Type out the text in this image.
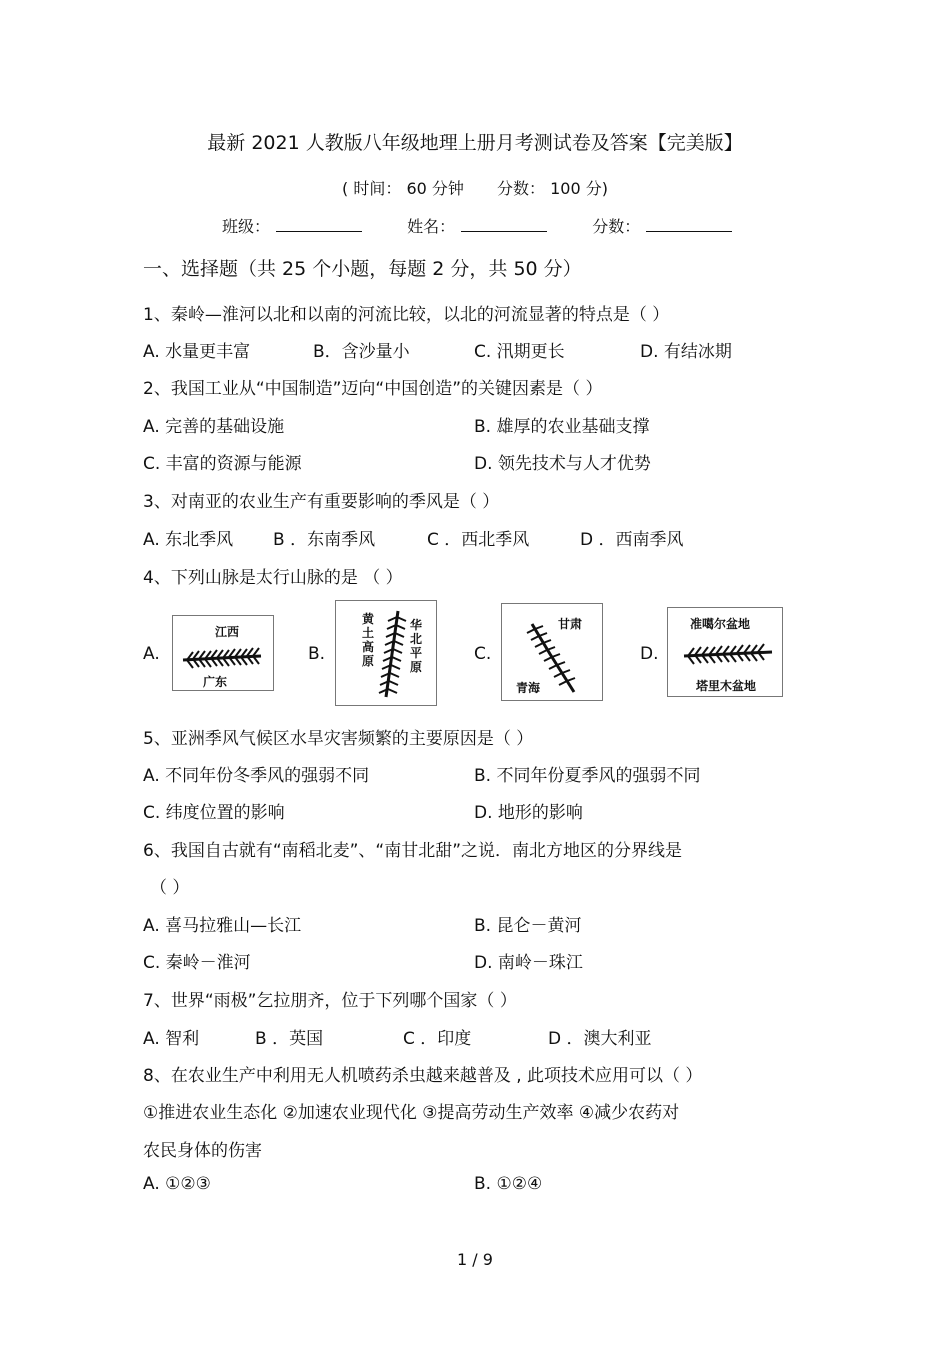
最新 2021 人教版八年级地理上册月考测试卷及答案【完美版】
( 时间： 60 分钟 分数： 100 分)
班级：	姓名：	分数：
一、选择题（共 25 个小题，每题 2 分，共 50 分）
1、秦岭—淮河以北和以南的河流比较，以北的河流显著的特点是（ ）
A. 水量更丰富	B．含沙量小	C. 汛期更长	D. 有结冰期
2、我国工业从“中国制造”迈向“中国创造”的关键因素是（ ）
A. 完善的基础设施	B. 雄厚的农业基础支撑
C. 丰富的资源与能源	D. 领先技术与人才优势
3、对南亚的农业生产有重要影响的季风是（ ）
A. 东北季风 B ．东南季风	C ．西北季风	D ．西南季风
4、下列山脉是太行山脉的是 （ ）
A.	B.	C.	D.
江西
广东
黄土高原
华北平原
甘肃
青海
准噶尔盆地
塔里木盆地
5、亚洲季风气候区水旱灾害频繁的主要原因是（ ）
A. 不同年份冬季风的强弱不同	B. 不同年份夏季风的强弱不同
C. 纬度位置的影响	D. 地形的影响
6、我国自古就有“南稻北麦”、“南甘北甜”之说．南北方地区的分界线是
（ ）
A. 喜马拉雅山—长江	B. 昆仑－黄河
C. 秦岭－淮河	D. 南岭－珠江
7、世界“雨极”乞拉朋齐，位于下列哪个国家（ ）
A. 智利	B ．英国	C ．印度	D ．澳大利亚
8、在农业生产中利用无人机喷药杀虫越来越普及 , 此项技术应用可以（ ）
①推进农业生态化 ②加速农业现代化 ③提高劳动生产效率 ④减少农药对
农民身体的伤害
A. ①②③	B. ①②④
1 / 9
